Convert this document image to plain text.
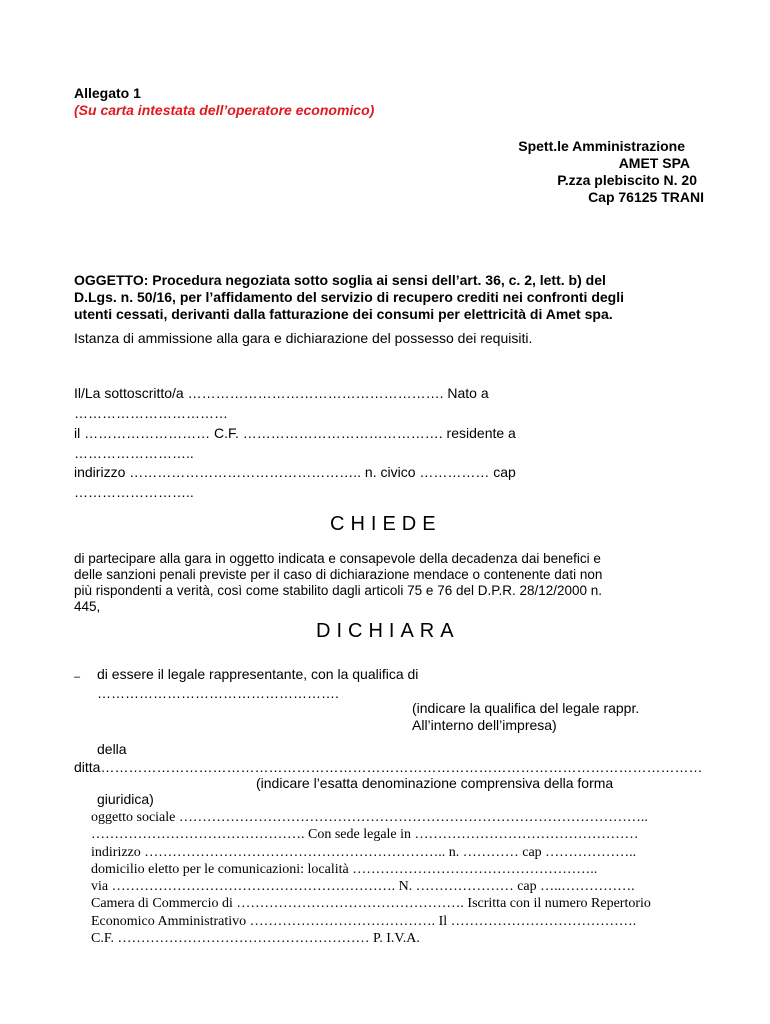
Allegato 1
(Su carta intestata dell’operatore economico)
Spett.le Amministrazione
AMET SPA
P.zza plebiscito N. 20
Cap 76125 TRANI
OGGETTO: Procedura negoziata sotto soglia ai sensi dell’art. 36, c. 2, lett. b) del
D.Lgs. n. 50/16, per l’affidamento del servizio di recupero crediti nei confronti degli
utenti cessati, derivanti dalla fatturazione dei consumi per elettricità di Amet spa.
Istanza di ammissione alla gara e dichiarazione del possesso dei requisiti.
Il/La sottoscritto/a ………………………………………………. Nato a
……………………………
il ……………………… C.F. ……………………………………. residente a
……………………..
indirizzo ………………………………………….. n. civico …………… cap
……………………..
CHIEDE
di partecipare alla gara in oggetto indicata e consapevole della decadenza dai benefici e
delle sanzioni penali previste per il caso di dichiarazione mendace o contenente dati non
più rispondenti a verità, così come stabilito dagli articoli 75 e 76 del D.P.R. 28/12/2000 n.
445,
DICHIARA
– di essere il legale rappresentante, con la qualifica di
…………………………………………….
(indicare la qualifica del legale rappr.
All’interno dell’impresa)
della
ditta…………………………………………………………………………………………………………………
(indicare l’esatta denominazione comprensiva della forma
giuridica)
oggetto sociale ………………………………………………………………………………………..
………………………………………. Con sede legale in …………………………………………
indirizzo ……………………………………………………….. n. ………… cap ………………..
domicilio eletto per le comunicazioni: località ……………………………………………..
via ……………………………………………………. N. ………………… cap …..…………….
Camera di Commercio di …………………………………………. Iscritta con il numero Repertorio
Economico Amministrativo …………………………………. Il ………………………………….
C.F. ……………………………………………… P. I.V.A.
